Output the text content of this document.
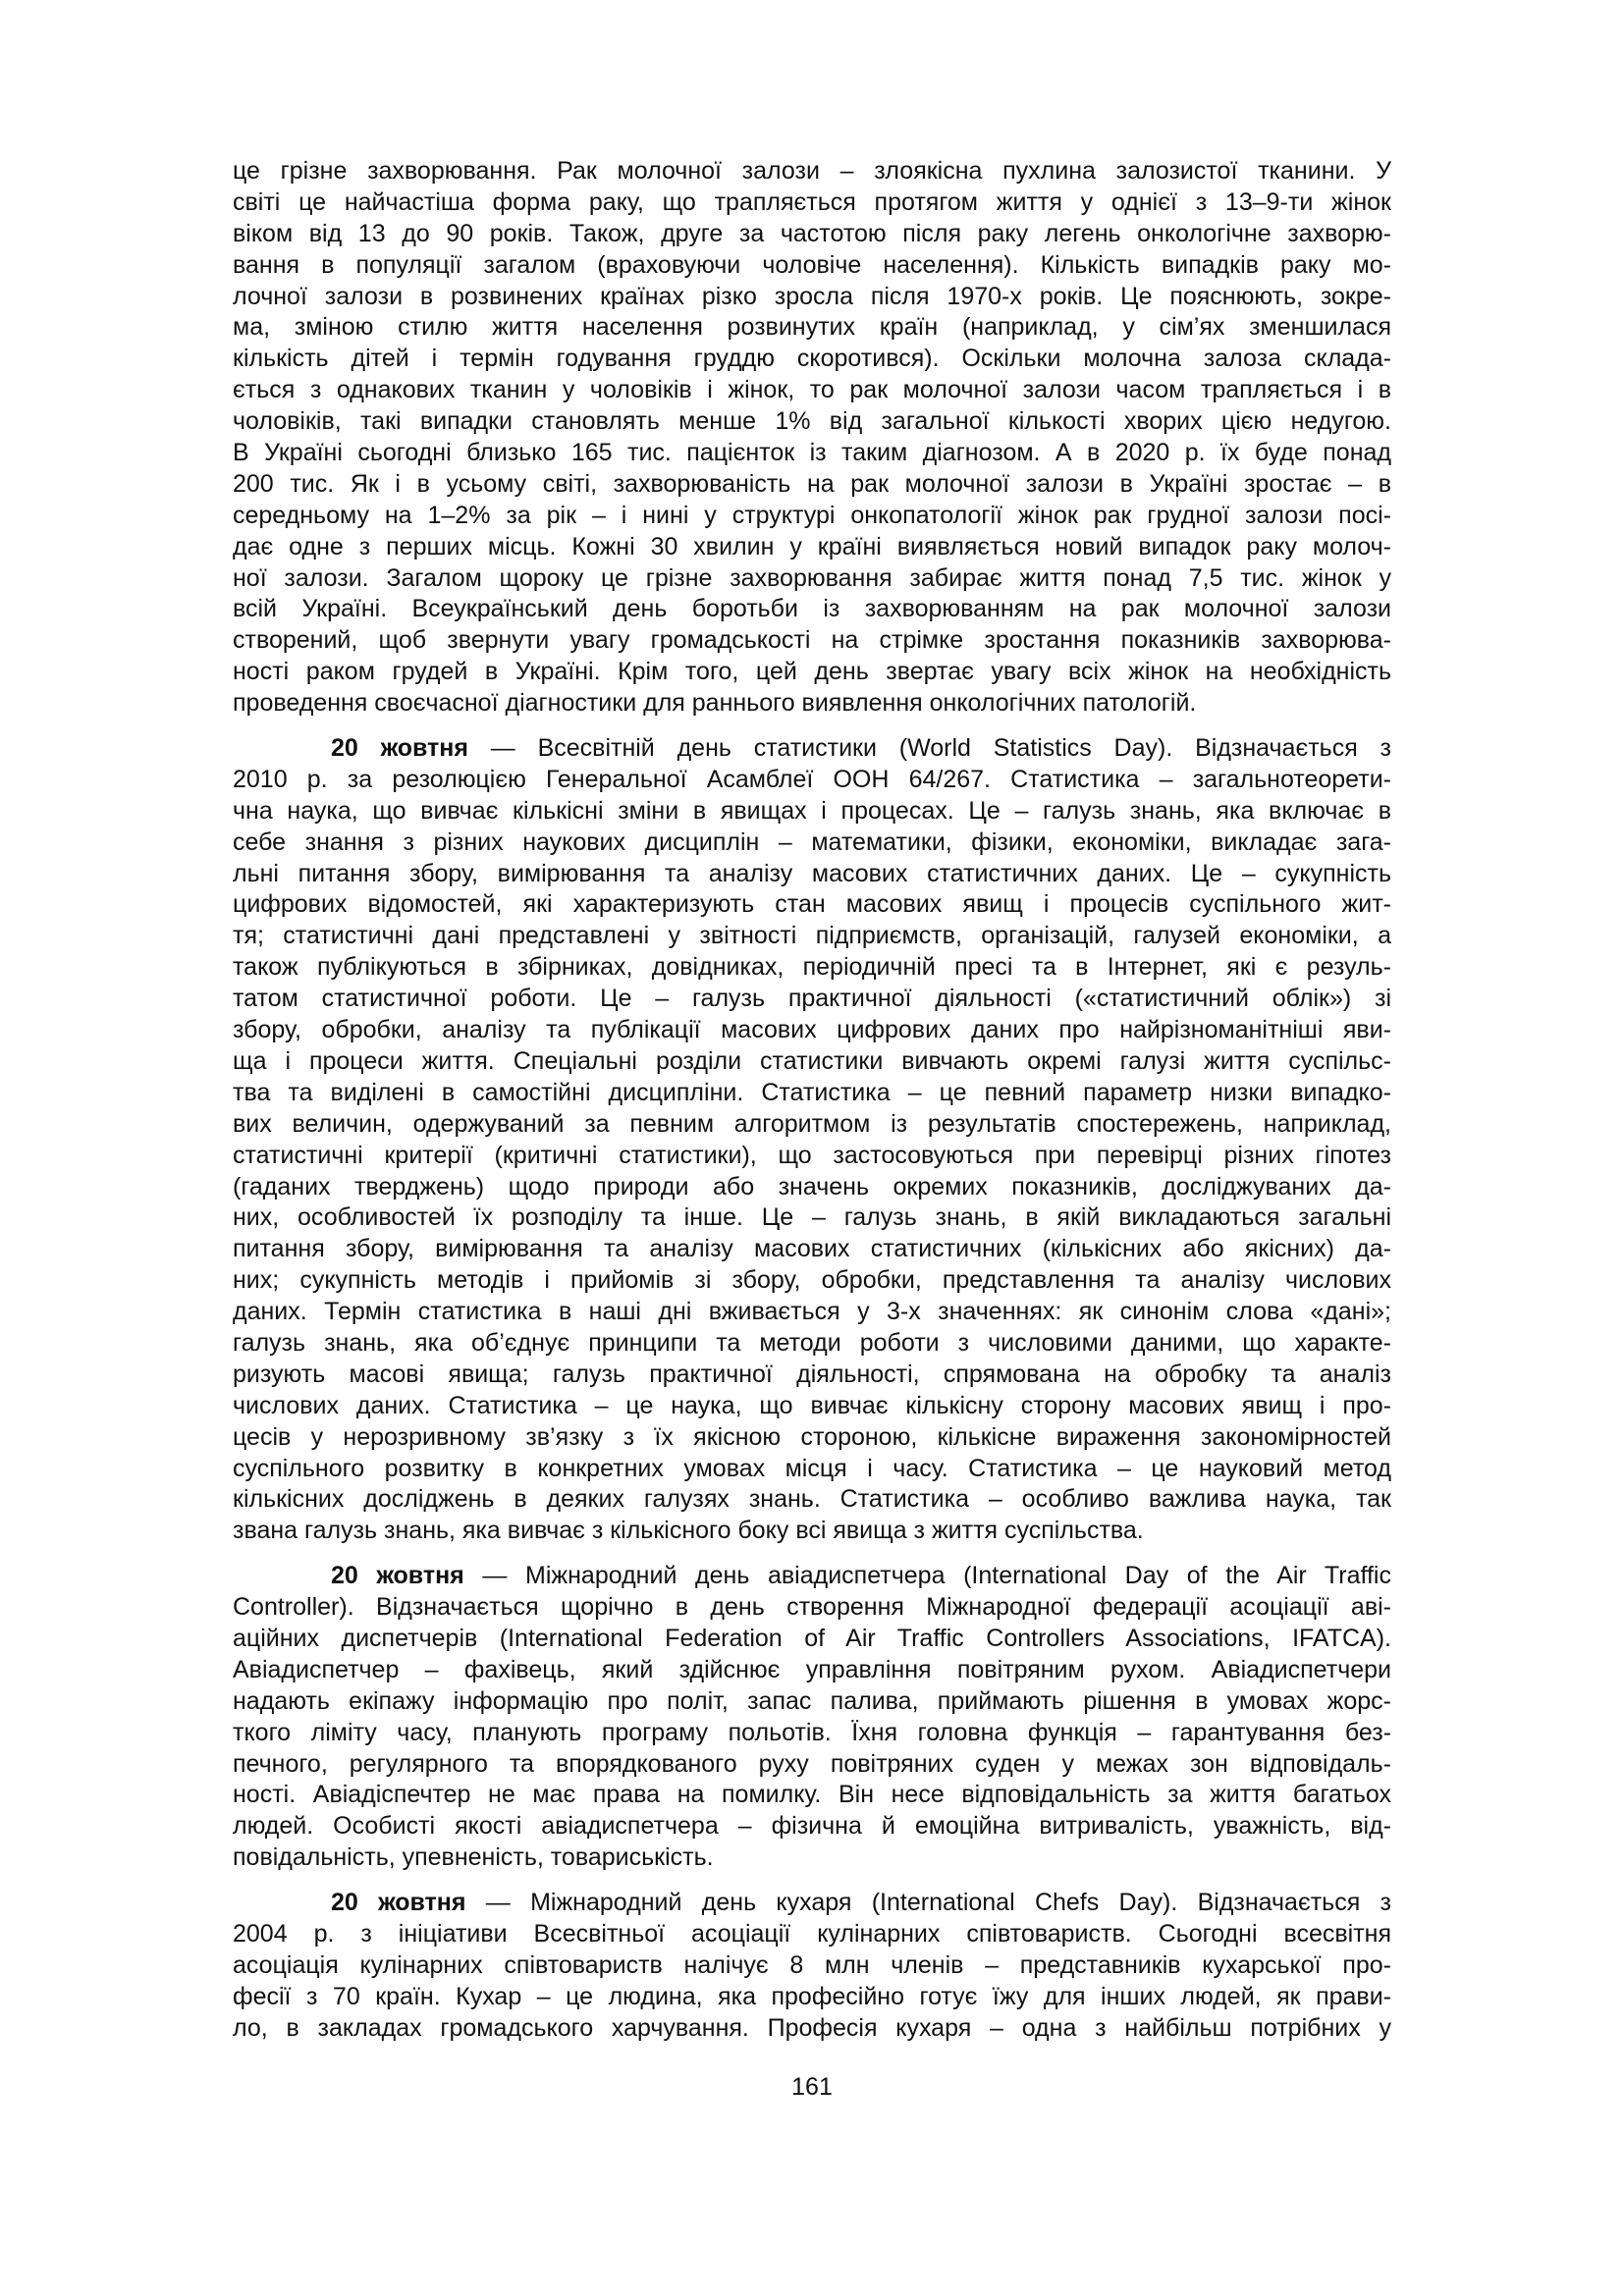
це грізне захворювання. Рак молочної залози – злоякісна пухлина залозистої тканини. У
світі це найчастіша форма раку, що трапляється протягом життя у однієї з 13–9-ти жінок
віком від 13 до 90 років. Також, друге за частотою після раку легень онкологічне захворю-
вання в популяції загалом (враховуючи чоловіче населення). Кількість випадків раку мо-
лочної залози в розвинених країнах різко зросла після 1970-х років. Це пояснюють, зокре-
ма, зміною стилю життя населення розвинутих країн (наприклад, у сім’ях зменшилася
кількість дітей і термін годування груддю скоротився). Оскільки молочна залоза склада-
ється з однакових тканин у чоловіків і жінок, то рак молочної залози часом трапляється і в
чоловіків, такі випадки становлять менше 1% від загальної кількості хворих цією недугою.
В Україні сьогодні близько 165 тис. пацієнток із таким діагнозом. А в 2020 р. їх буде понад
200 тис. Як і в усьому світі, захворюваність на рак молочної залози в Україні зростає – в
середньому на 1–2% за рік – і нині у структурі онкопатології жінок рак грудної залози посі-
дає одне з перших місць. Кожні 30 хвилин у країні виявляється новий випадок раку молоч-
ної залози. Загалом щороку це грізне захворювання забирає життя понад 7,5 тис. жінок у
всій Україні. Всеукраїнський день боротьби із захворюванням на рак молочної залози
створений, щоб звернути увагу громадськості на стрімке зростання показників захворюва-
ності раком грудей в Україні. Крім того, цей день звертає увагу всіх жінок на необхідність
проведення своєчасної діагностики для раннього виявлення онкологічних патологій.
20 жовтня — Всесвітній день статистики (World Statistics Day). Відзначається з
2010 р. за резолюцією Генеральної Асамблеї ООН 64/267. Статистика – загальнотеорети-
чна наука, що вивчає кількісні зміни в явищах і процесах. Це – галузь знань, яка включає в
себе знання з різних наукових дисциплін – математики, фізики, економіки, викладає зага-
льні питання збору, вимірювання та аналізу масових статистичних даних. Це – сукупність
цифрових відомостей, які характеризують стан масових явищ і процесів суспільного жит-
тя; статистичні дані представлені у звітності підприємств, організацій, галузей економіки, а
також публікуються в збірниках, довідниках, періодичній пресі та в Інтернет, які є резуль-
татом статистичної роботи. Це – галузь практичної діяльності («статистичний облік») зі
збору, обробки, аналізу та публікації масових цифрових даних про найрізноманітніші яви-
ща і процеси життя. Спеціальні розділи статистики вивчають окремі галузі життя суспільс-
тва та виділені в самостійні дисципліни. Статистика – це певний параметр низки випадко-
вих величин, одержуваний за певним алгоритмом із результатів спостережень, наприклад,
статистичні критерії (критичні статистики), що застосовуються при перевірці різних гіпотез
(гаданих тверджень) щодо природи або значень окремих показників, досліджуваних да-
них, особливостей їх розподілу та інше. Це – галузь знань, в якій викладаються загальні
питання збору, вимірювання та аналізу масових статистичних (кількісних або якісних) да-
них; сукупність методів і прийомів зі збору, обробки, представлення та аналізу числових
даних. Термін статистика в наші дні вживається у 3-х значеннях: як синонім слова «дані»;
галузь знань, яка об’єднує принципи та методи роботи з числовими даними, що характе-
ризують масові явища; галузь практичної діяльності, спрямована на обробку та аналіз
числових даних. Статистика – це наука, що вивчає кількісну сторону масових явищ і про-
цесів у нерозривному зв’язку з їх якісною стороною, кількісне вираження закономірностей
суспільного розвитку в конкретних умовах місця і часу. Статистика – це науковий метод
кількісних досліджень в деяких галузях знань. Статистика – особливо важлива наука, так
звана галузь знань, яка вивчає з кількісного боку всі явища з життя суспільства.
20 жовтня — Міжнародний день авіадиспетчера (International Day of the Air Traffic
Controller). Відзначається щорічно в день створення Міжнародної федерації асоціації аві-
аційних диспетчерів (International Federation of Air Traffic Controllers Associations, IFATCA).
Авіадиспетчер – фахівець, який здійснює управління повітряним рухом. Авіадиспетчери
надають екіпажу інформацію про політ, запас палива, приймають рішення в умовах жорс-
ткого ліміту часу, планують програму польотів. Їхня головна функція – гарантування без-
печного, регулярного та впорядкованого руху повітряних суден у межах зон відповідаль-
ності. Авіадіспечтер не має права на помилку. Він несе відповідальність за життя багатьох
людей. Особисті якості авіадиспетчера – фізична й емоційна витривалість, уважність, від-
повідальність, упевненість, товариськість.
20 жовтня — Міжнародний день кухаря (International Chefs Day). Відзначається з
2004 р. з ініціативи Всесвітньої асоціації кулінарних співтовариств. Сьогодні всесвітня
асоціація кулінарних співтовариств налічує 8 млн членів – представників кухарської про-
фесії з 70 країн. Кухар – це людина, яка професійно готує їжу для інших людей, як прави-
ло, в закладах громадського харчування. Професія кухаря – одна з найбільш потрібних у
161
